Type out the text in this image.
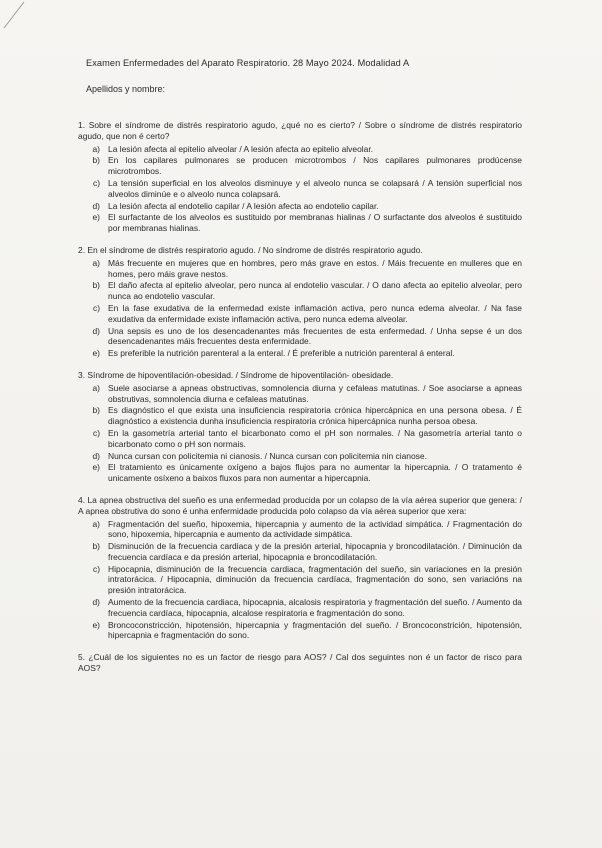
Examen Enfermedades del Aparato Respiratorio. 28 Mayo 2024. Modalidad A
Apellidos y nombre:
1. Sobre el síndrome de distrés respiratorio agudo, ¿qué no es cierto? / Sobre o síndrome de distrés respiratorio agudo, que non é certo?
a) La lesión afecta al epitelio alveolar / A lesión afecta ao epitelio alveolar.
b) En los capilares pulmonares se producen microtrombos / Nos capilares pulmonares prodúcense microtrombos.
c) La tensión superficial en los alveolos disminuye y el alveolo nunca se colapsará / A tensión superficial nos alveolos diminúe e o alveolo nunca colapsará.
d) La lesión afecta al endotelio capilar / A lesión afecta ao endotelio capilar.
e) El surfactante de los alveolos es sustituido por membranas hialinas / O surfactante dos alveolos é sustituido por membranas hialinas.
2. En el síndrome de distrés respiratorio agudo. / No síndrome de distrés respiratorio agudo.
a) Más frecuente en mujeres que en hombres, pero más grave en estos. / Máis frecuente en mulleres que en homes, pero máis grave nestos.
b) El daño afecta al epitelio alveolar, pero nunca al endotelio vascular. / O dano afecta ao epitelio alveolar, pero nunca ao endotelio vascular.
c) En la fase exudativa de la enfermedad existe inflamación activa, pero nunca edema alveolar. / Na fase exudativa da enfermidade existe inflamación activa, pero nunca edema alveolar.
d) Una sepsis es uno de los desencadenantes más frecuentes de esta enfermedad. / Unha sepse é un dos desencadenantes máis frecuentes desta enfermidade.
e) Es preferible la nutrición parenteral a la enteral. / É preferible a nutrición parenteral á enteral.
3. Síndrome de hipoventilación-obesidad. / Síndrome de hipoventilación- obesidade.
a) Suele asociarse a apneas obstructivas, somnolencia diurna y cefaleas matutinas. / Soe asociarse a apneas obstrutivas, somnolencia diurna e cefaleas matutinas.
b) Es diagnóstico el que exista una insuficiencia respiratoria crónica hipercápnica en una persona obesa. / É diagnóstico a existencia dunha insuficiencia respiratoria crónica hipercápnica nunha persoa obesa.
c) En la gasometría arterial tanto el bicarbonato como el pH son normales. / Na gasometría arterial tanto o bicarbonato como o pH son normais.
d) Nunca cursan con policitemia ni cianosis. / Nunca cursan con policitemia nin cianose.
e) El tratamiento es únicamente oxígeno a bajos flujos para no aumentar la hipercapnia. / O tratamento é unicamente osíxeno a baixos fluxos para non aumentar a hipercapnia.
4. La apnea obstructiva del sueño es una enfermedad producida por un colapso de la vía aérea superior que genera: / A apnea obstrutiva do sono é unha enfermidade producida polo colapso da vía aérea superior que xera:
a) Fragmentación del sueño, hipoxemia, hipercapnia y aumento de la actividad simpática. / Fragmentación do sono, hipoxemia, hipercapnia e aumento da actividade simpática.
b) Disminución de la frecuencia cardiaca y de la presión arterial, hipocapnia y broncodilatación. / Diminución da frecuencia cardíaca e da presión arterial, hipocapnia e broncodilatación.
c) Hipocapnia, disminución de la frecuencia cardiaca, fragmentación del sueño, sin variaciones en la presión intratorácica. / Hipocapnia, diminución da frecuencia cardíaca, fragmentación do sono, sen variacións na presión intratorácica.
d) Aumento de la frecuencia cardiaca, hipocapnia, alcalosis respiratoria y fragmentación del sueño. / Aumento da frecuencia cardíaca, hipocapnia, alcalose respiratoria e fragmentación do sono.
e) Broncoconstricción, hipotensión, hipercapnia y fragmentación del sueño. / Broncoconstrición, hipotensión, hipercapnia e fragmentación do sono.
5. ¿Cuál de los siguientes no es un factor de riesgo para AOS? / Cal dos seguintes non é un factor de risco para AOS?
